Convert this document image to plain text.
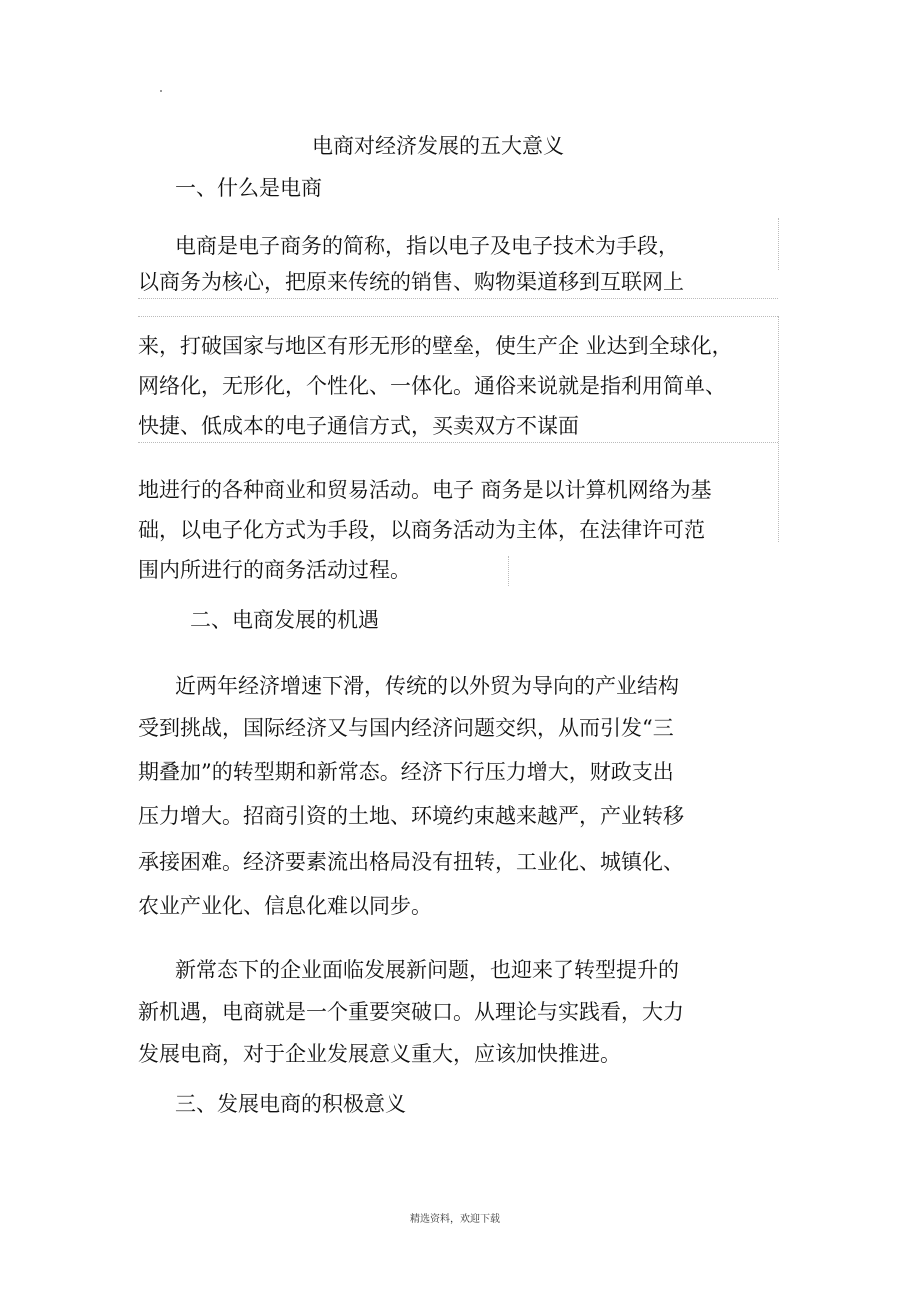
电商对经济发展的五大意义
一、什么是电商
电商是电子商务的简称，指以电子及电子技术为手段，
以商务为核心，把原来传统的销售、购物渠道移到互联网上
来，打破国家与地区有形无形的壁垒，使生产企 业达到全球化，
网络化，无形化，个性化、一体化。通俗来说就是指利用简单、
快捷、低成本的电子通信方式，买卖双方不谋面
地进行的各种商业和贸易活动。电子 商务是以计算机网络为基
础，以电子化方式为手段，以商务活动为主体，在法律许可范
围内所进行的商务活动过程。
二、电商发展的机遇
近两年经济增速下滑，传统的以外贸为导向的产业结构
受到挑战，国际经济又与国内经济问题交织，从而引发“三
期叠加”的转型期和新常态。经济下行压力增大，财政支出
压力增大。招商引资的土地、环境约束越来越严，产业转移
承接困难。经济要素流出格局没有扭转，工业化、城镇化、
农业产业化、信息化难以同步。
新常态下的企业面临发展新问题，也迎来了转型提升的
新机遇，电商就是一个重要突破口。从理论与实践看，大力
发展电商，对于企业发展意义重大，应该加快推进。
三、发展电商的积极意义
精选资料，欢迎下载
